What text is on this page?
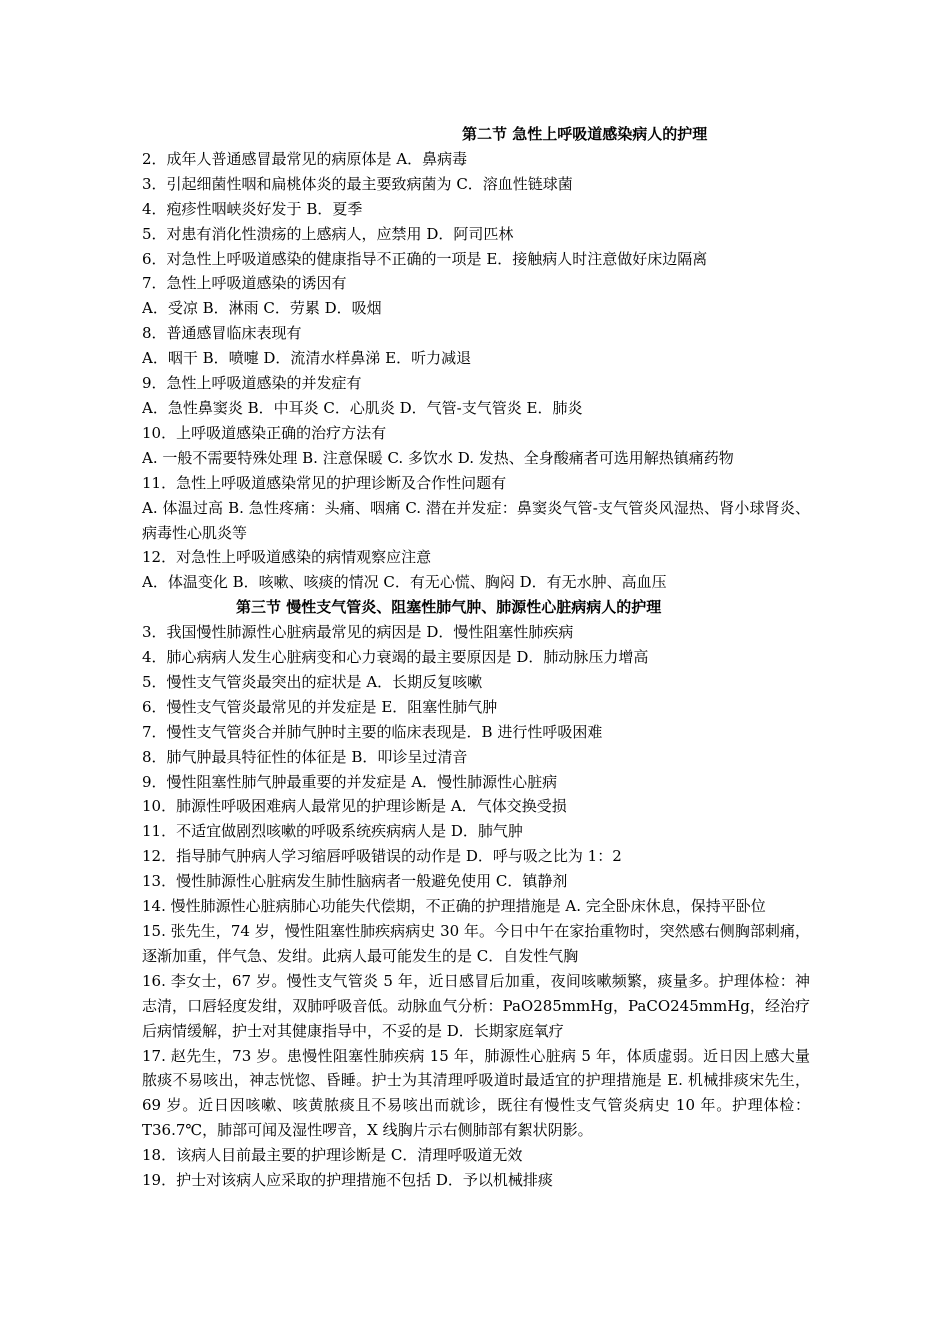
第二节 急性上呼吸道感染病人的护理
2．成年人普通感冒最常见的病原体是 A．鼻病毒
3．引起细菌性咽和扁桃体炎的最主要致病菌为 C．溶血性链球菌
4．疱疹性咽峡炎好发于 B．夏季
5．对患有消化性溃疡的上感病人，应禁用 D．阿司匹林
6．对急性上呼吸道感染的健康指导不正确的一项是 E．接触病人时注意做好床边隔离
7．急性上呼吸道感染的诱因有
A．受凉 B．淋雨 C．劳累 D．吸烟
8．普通感冒临床表现有
A．咽干 B．喷嚏 D．流清水样鼻涕 E．听力减退
9．急性上呼吸道感染的并发症有
A．急性鼻窦炎 B．中耳炎 C．心肌炎 D．气管-支气管炎 E．肺炎
10．上呼吸道感染正确的治疗方法有
A. 一般不需要特殊处理 B. 注意保暖 C. 多饮水 D. 发热、全身酸痛者可选用解热镇痛药物
11．急性上呼吸道感染常见的护理诊断及合作性问题有
A. 体温过高 B. 急性疼痛：头痛、咽痛 C. 潜在并发症：鼻窦炎气管-支气管炎风湿热、肾小球肾炎、病毒性心肌炎等
12．对急性上呼吸道感染的病情观察应注意
A．体温变化 B．咳嗽、咳痰的情况 C．有无心慌、胸闷 D．有无水肿、高血压
第三节 慢性支气管炎、阻塞性肺气肿、肺源性心脏病病人的护理
3．我国慢性肺源性心脏病最常见的病因是 D．慢性阻塞性肺疾病
4．肺心病病人发生心脏病变和心力衰竭的最主要原因是 D．肺动脉压力增高
5．慢性支气管炎最突出的症状是 A．长期反复咳嗽
6．慢性支气管炎最常见的并发症是 E．阻塞性肺气肿
7．慢性支气管炎合并肺气肿时主要的临床表现是．B 进行性呼吸困难
8．肺气肿最具特征性的体征是 B．叩诊呈过清音
9．慢性阻塞性肺气肿最重要的并发症是 A．慢性肺源性心脏病
10．肺源性呼吸困难病人最常见的护理诊断是 A．气体交换受损
11．不适宜做剧烈咳嗽的呼吸系统疾病病人是 D．肺气肿
12．指导肺气肿病人学习缩唇呼吸错误的动作是 D．呼与吸之比为 1：2
13．慢性肺源性心脏病发生肺性脑病者一般避免使用 C．镇静剂
14. 慢性肺源性心脏病肺心功能失代偿期，不正确的护理措施是 A. 完全卧床休息，保持平卧位
15. 张先生，74 岁，慢性阻塞性肺疾病病史 30 年。今日中午在家抬重物时，突然感右侧胸部刺痛，逐渐加重，伴气急、发绀。此病人最可能发生的是 C．自发性气胸
16. 李女士，67 岁。慢性支气管炎 5 年，近日感冒后加重，夜间咳嗽频繁，痰量多。护理体检：神志清，口唇轻度发绀，双肺呼吸音低。动脉血气分析：PaO285mmHg，PaCO245mmHg，经治疗后病情缓解，护士对其健康指导中，不妥的是 D．长期家庭氧疗
17. 赵先生，73 岁。患慢性阻塞性肺疾病 15 年，肺源性心脏病 5 年，体质虚弱。近日因上感大量脓痰不易咳出，神志恍惚、昏睡。护士为其清理呼吸道时最适宜的护理措施是 E. 机械排痰宋先生，69 岁。近日因咳嗽、咳黄脓痰且不易咳出而就诊，既往有慢性支气管炎病史 10 年。护理体检：T36.7℃，肺部可闻及湿性啰音，X 线胸片示右侧肺部有絮状阴影。
18．该病人目前最主要的护理诊断是 C．清理呼吸道无效
19．护士对该病人应采取的护理措施不包括 D．予以机械排痰
